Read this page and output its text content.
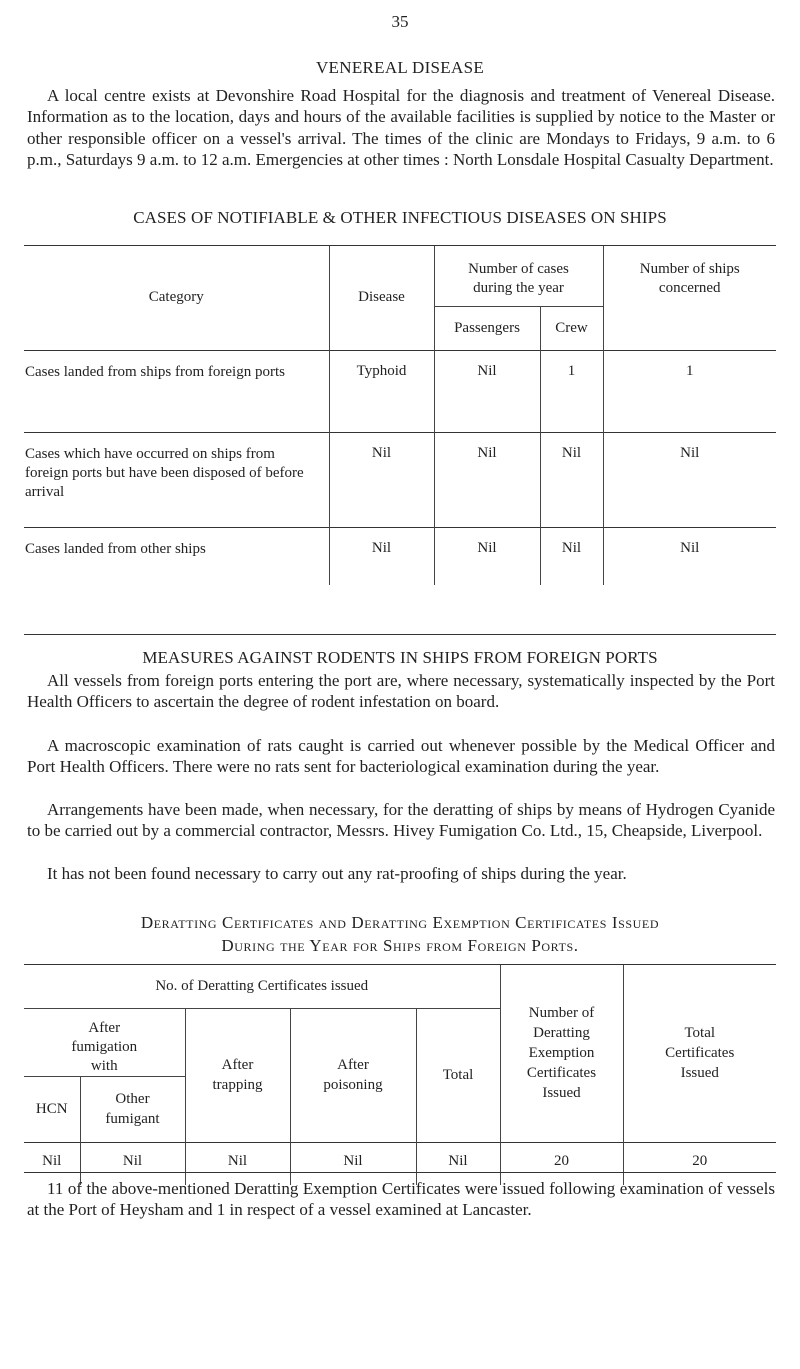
35
VENEREAL DISEASE

A local centre exists at Devonshire Road Hospital for the diagnosis and treatment of Venereal Disease. Information as to the location, days and hours of the available facilities is supplied by notice to the Master or other responsible officer on a vessel's arrival. The times of the clinic are Mondays to Fridays, 9 a.m. to 6 p.m., Saturdays 9 a.m. to 12 a.m. Emergencies at other times : North Lonsdale Hospital Casualty Department.

CASES OF NOTIFIABLE & OTHER INFECTIOUS DISEASES ON SHIPS
Category	Disease	Number of cases during the year		Number of ships concerned
		Passengers	Crew	
Cases landed from ships from foreign ports	Typhoid	Nil	1	1
Cases which have occurred on ships from foreign ports but have been disposed of before arrival	Nil	Nil	Nil	Nil
Cases landed from other ships	Nil	Nil	Nil	Nil
MEASURES AGAINST RODENTS IN SHIPS FROM FOREIGN PORTS

All vessels from foreign ports entering the port are, where necessary, systematically inspected by the Port Health Officers to ascertain the degree of rodent infestation on board.

A macroscopic examination of rats caught is carried out whenever possible by the Medical Officer and Port Health Officers. There were no rats sent for bacteriological examination during the year.

Arrangements have been made, when necessary, for the deratting of ships by means of Hydrogen Cyanide to be carried out by a commercial contractor, Messrs. Hivey Fumigation Co. Ltd., 15, Cheapside, Liverpool.

It has not been found necessary to carry out any rat-proofing of ships during the year.

Deratting Certificates and Deratting Exemption Certificates Issued
During the Year for Ships from Foreign Ports.
No. of Deratting Certificates issued					Number of Deratting Exemption Certificates Issued	Total Certificates Issued
After fumigation with		After trapping	After poisoning	Total		
HCN	Other fumigant					
Nil	Nil	Nil	Nil	Nil	20	20

11 of the above-mentioned Deratting Exemption Certificates were issued following examination of vessels at the Port of Heysham and 1 in respect of a vessel examined at Lancaster.
